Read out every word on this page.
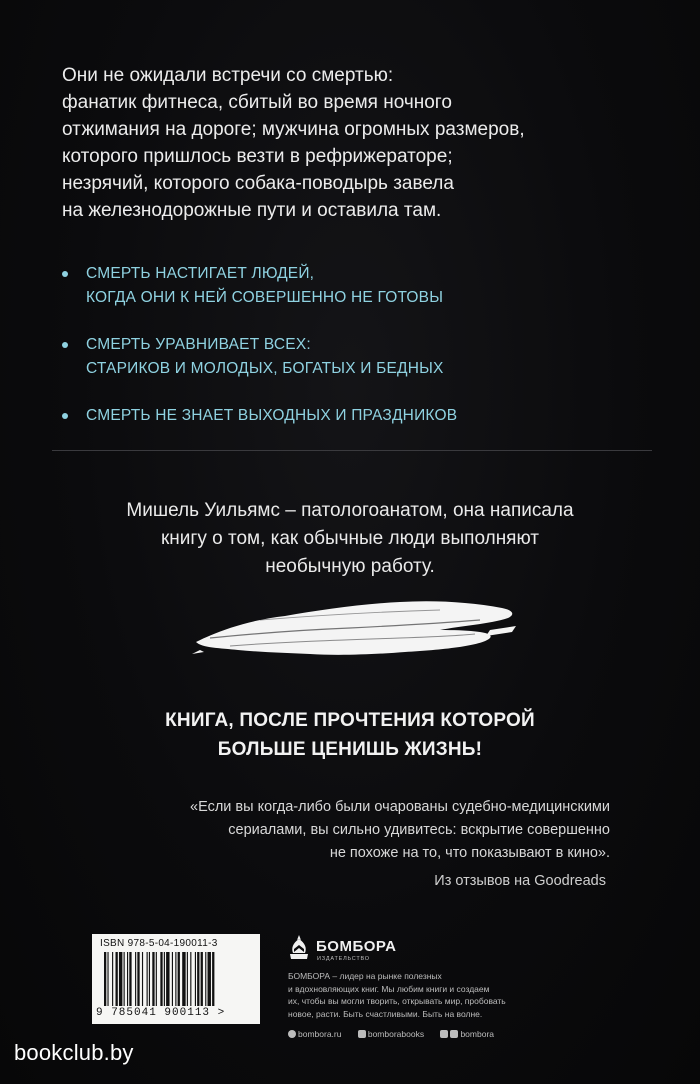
Они не ожидали встречи со смертью:
фанатик фитнеса, сбитый во время ночного
отжимания на дороге; мужчина огромных размеров,
которого пришлось везти в рефрижераторе;
незрячий, которого собака-поводырь завела
на железнодорожные пути и оставила там.
СМЕРТЬ НАСТИГАЕТ ЛЮДЕЙ,
КОГДА ОНИ К НЕЙ СОВЕРШЕННО НЕ ГОТОВЫ
СМЕРТЬ УРАВНИВАЕТ ВСЕХ:
СТАРИКОВ И МОЛОДЫХ, БОГАТЫХ И БЕДНЫХ
СМЕРТЬ НЕ ЗНАЕТ ВЫХОДНЫХ И ПРАЗДНИКОВ
Мишель Уильямс – патологоанатом, она написала
книгу о том, как обычные люди выполняют
необычную работу.
КНИГА, ПОСЛЕ ПРОЧТЕНИЯ КОТОРОЙ
БОЛЬШЕ ЦЕНИШЬ ЖИЗНЬ!
«Если вы когда-либо были очарованы судебно-медицинскими
сериалами, вы сильно удивитесь: вскрытие совершенно
не похоже на то, что показывают в кино».
Из отзывов на Goodreads
ISBN 978-5-04-190011-3
9 785041 900113 >
БОМБОРА
ИЗДАТЕЛЬСТВО
БОМБОРА – лидер на рынке полезных
и вдохновляющих книг. Мы любим книги и создаем
их, чтобы вы могли творить, открывать мир, пробовать
новое, расти. Быть счастливыми. Быть на волне.
bombora.ru	bomborabooks	bombora
bookclub.by
